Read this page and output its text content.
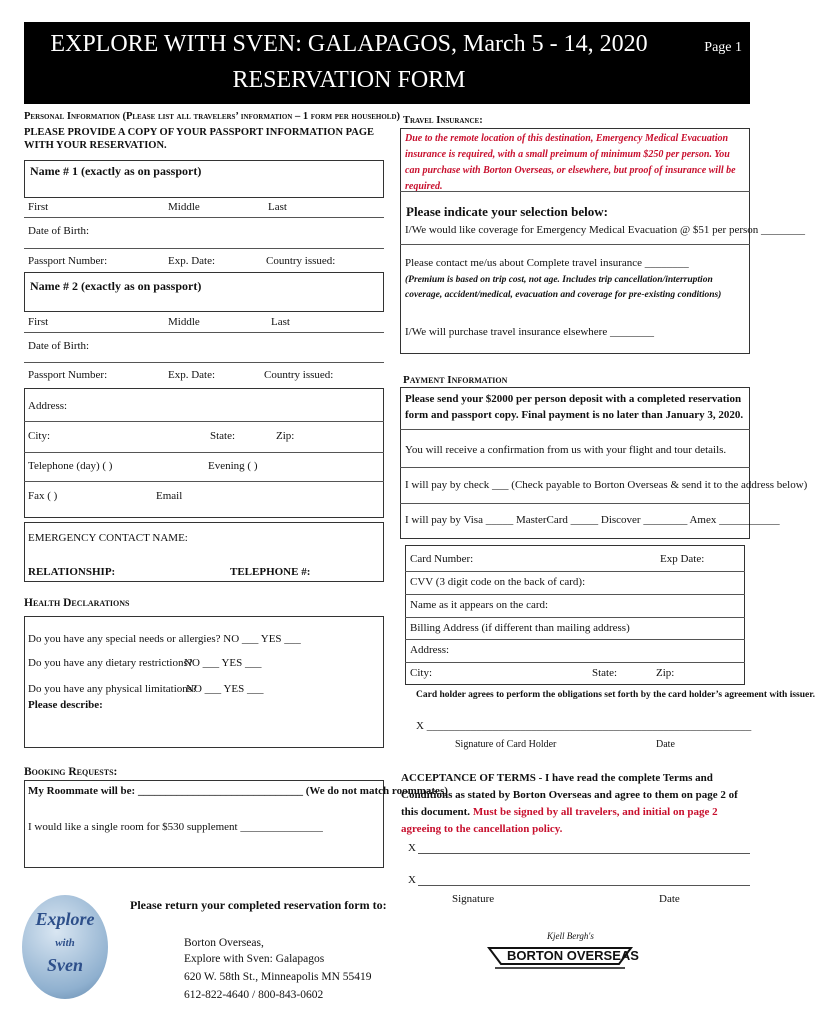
EXPLORE WITH SVEN: GALAPAGOS, March 5 - 14, 2020
RESERVATION FORM
Page 1
Personal Information (Please list all travelers’ information – 1 form per household)
PLEASE PROVIDE A COPY OF YOUR PASSPORT INFORMATION PAGE WITH YOUR RESERVATION.
Name # 1 (exactly as on passport)
First	Middle	Last
Date of Birth:
Passport Number:	Exp. Date:	Country issued:
Name # 2 (exactly as on passport)
First	Middle	Last
Date of Birth:
Passport Number:	Exp. Date:	Country issued:
Address:
City:	State:	Zip:
Telephone (day) ( )	Evening ( )
Fax ( )	Email
EMERGENCY CONTACT NAME:
RELATIONSHIP:	TELEPHONE #:
Health Declarations
Do you have any special needs or allergies? NO ___ YES ___
Do you have any dietary restrictions?
NO ___ YES ___
Do you have any physical limitations?
NO ___ YES ___
Please describe:
Booking Requests:
My Roommate will be: ______________________________ (We do not match roommates)
I would like a single room for $530 supplement _______________
Travel Insurance:
Due to the remote location of this destination, Emergency Medical Evacuation insurance is required, with a small preimum of minimum $250 per person. You can purchase with Borton Overseas, or elsewhere, but proof of insurance will be required.
Please indicate your selection below:
I/We would like coverage for Emergency Medical Evacuation @ $51 per person ________
Please contact me/us about Complete travel insurance ________
(Premium is based on trip cost, not age. Includes trip cancellation/interruption coverage, accident/medical, evacuation and coverage for pre-existing conditions)
I/We will purchase travel insurance elsewhere ________
Payment Information
Please send your $2000 per person deposit with a completed reservation form and passport copy. Final payment is no later than January 3, 2020.
You will receive a confirmation from us with your flight and tour details.
I will pay by check ___ (Check payable to Borton Overseas & send it to the address below)
I will pay by Visa _____ MasterCard _____ Discover ________ Amex ___________
Card Number:	Exp Date:
CVV (3 digit code on the back of card):
Name as it appears on the card:
Billing Address (if different than mailing address)
Address:
City:	State:	Zip:
Card holder agrees to perform the obligations set forth by the card holder’s agreement with issuer.
X ___________________________________________________________
Signature of Card Holder	Date
ACCEPTANCE OF TERMS - I have read the complete Terms and Conditions as stated by Borton Overseas and agree to them on page 2 of this document. Must be signed by all travelers, and initial on page 2 agreeing to the cancellation policy.
X
X
Signature	Date
Please return your completed reservation form to:
Borton Overseas,
Explore with Sven: Galapagos
620 W. 58th St., Minneapolis MN 55419
612-822-4640 / 800-843-0602
Explore
with
Sven
Kjell Bergh's
BORTON OVERSEAS
